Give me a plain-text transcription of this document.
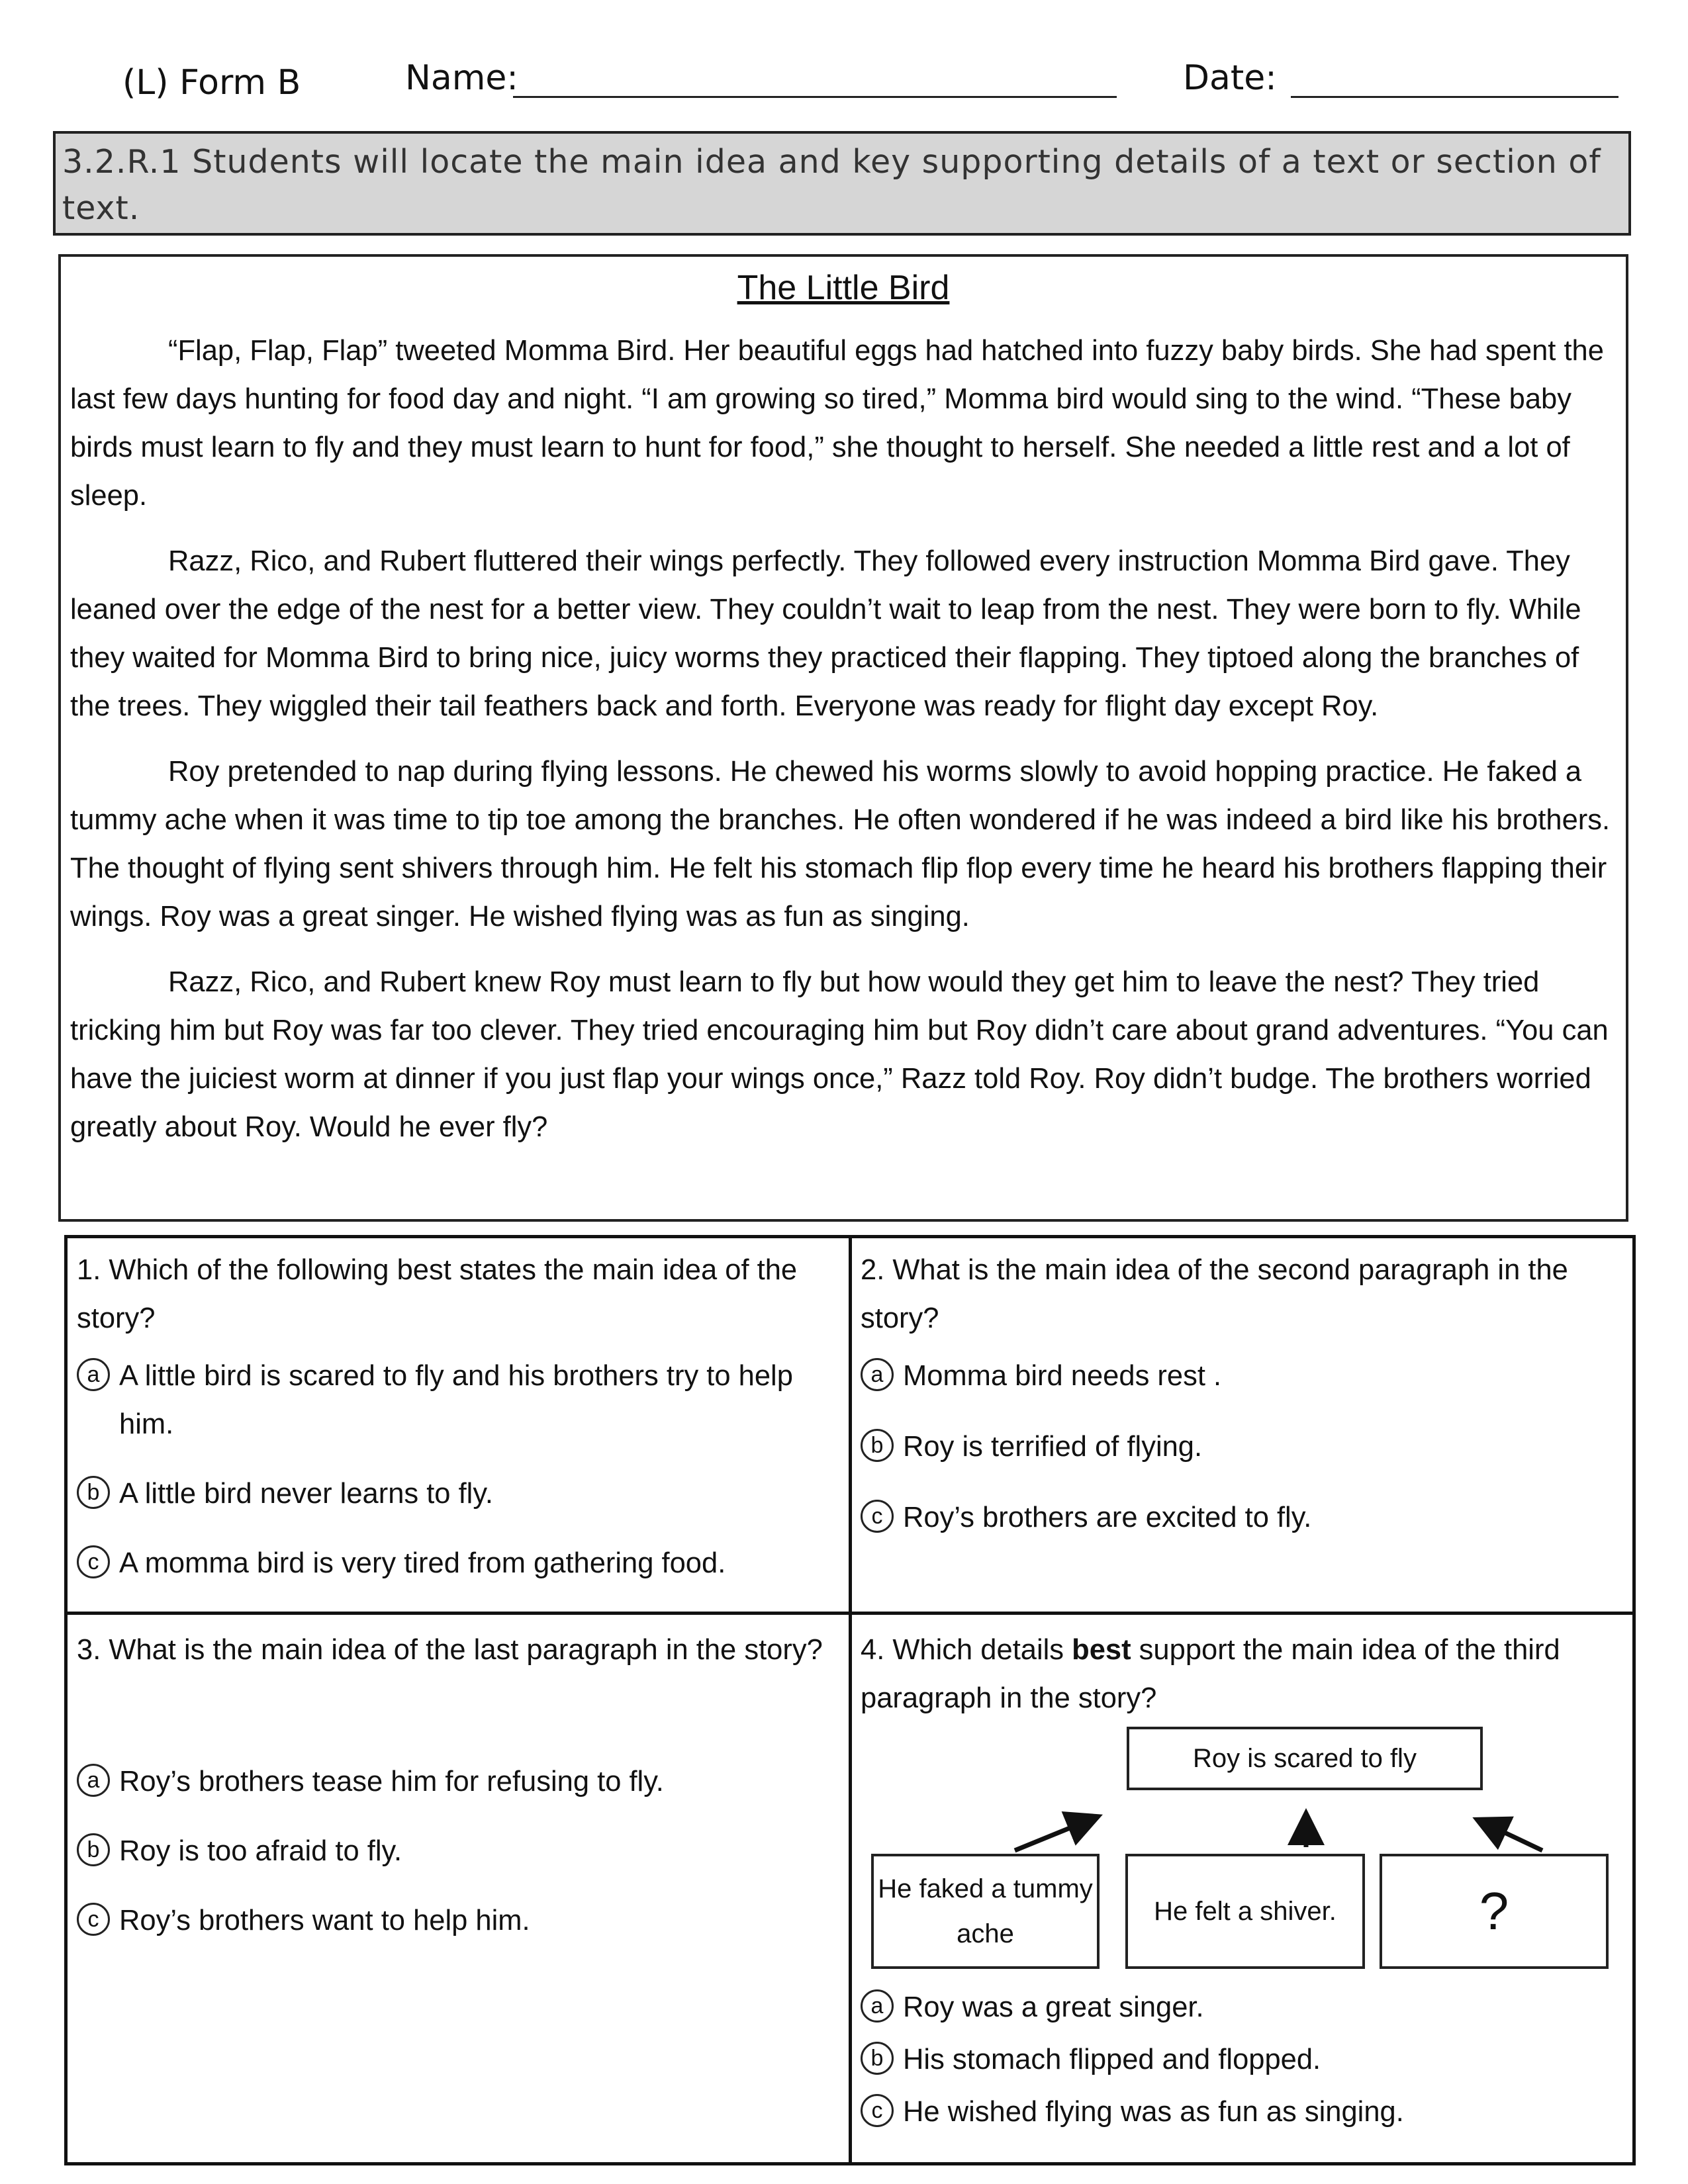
(L) Form B	Name:	Date:
3.2.R.1 Students will locate the main idea and key supporting details of a text or section of text.
The Little Bird

“Flap, Flap, Flap” tweeted Momma Bird. Her beautiful eggs had hatched into fuzzy baby birds. She had spent the last few days hunting for food day and night. “I am growing so tired,” Momma bird would sing to the wind. “These baby birds must learn to fly and they must learn to hunt for food,” she thought to herself. She needed a little rest and a lot of sleep.

Razz, Rico, and Rubert fluttered their wings perfectly. They followed every instruction Momma Bird gave. They leaned over the edge of the nest for a better view. They couldn’t wait to leap from the nest. They were born to fly. While they waited for Momma Bird to bring nice, juicy worms they practiced their flapping. They tiptoed along the branches of the trees. They wiggled their tail feathers back and forth. Everyone was ready for flight day except Roy.

Roy pretended to nap during flying lessons. He chewed his worms slowly to avoid hopping practice. He faked a tummy ache when it was time to tip toe among the branches. He often wondered if he was indeed a bird like his brothers. The thought of flying sent shivers through him. He felt his stomach flip flop every time he heard his brothers flapping their wings. Roy was a great singer. He wished flying was as fun as singing.

Razz, Rico, and Rubert knew Roy must learn to fly but how would they get him to leave the nest? They tried tricking him but Roy was far too clever. They tried encouraging him but Roy didn’t care about grand adventures. “You can have the juiciest worm at dinner if you just flap your wings once,” Razz told Roy. Roy didn’t budge. The brothers worried greatly about Roy. Would he ever fly?

1. Which of the following best states the main idea of the story?

a A little bird is scared to fly and his brothers try to help him.
b A little bird never learns to fly.
c A momma bird is very tired from gathering food.

2. What is the main idea of the second paragraph in the story?

a Momma bird needs rest .
b Roy is terrified of flying.
c Roy’s brothers are excited to fly.

3. What is the main idea of the last paragraph in the story?

a Roy’s brothers tease him for refusing to fly.
b Roy is too afraid to fly.
c Roy’s brothers want to help him.

4. Which details best support the main idea of the third paragraph in the story?

Roy is scared to fly
He faked a tummy ache
He felt a shiver.	?
a Roy was a great singer.
b His stomach flipped and flopped.
c He wished flying was as fun as singing.
